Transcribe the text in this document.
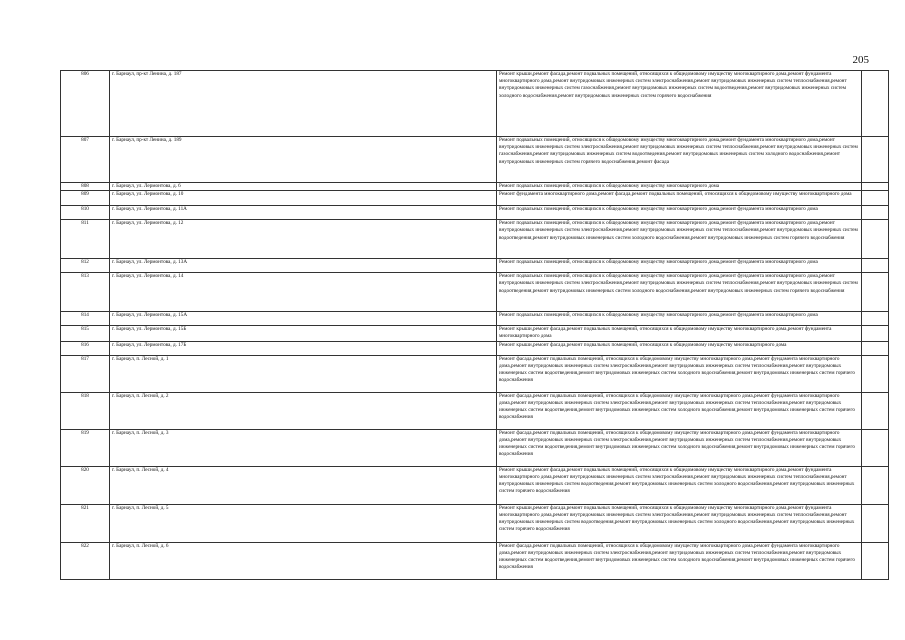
205
806	г. Барнаул, пр-кт Ленина, д. 187	Ремонт крыши,ремонт фасада,ремонт подвальных помещений, относящихся к общедомовому имуществу многоквартирного дома,ремонт фундамента многоквартирного дома,ремонт внутридомовых инженерных систем электроснабжения,ремонт внутридомовых инженерных систем теплоснабжения,ремонт внутридомовых инженерных систем газоснабжения,ремонт внутридомовых инженерных систем водоотведения,ремонт внутридомовых инженерных систем холодного водоснабжения,ремонт внутридомовых инженерных систем горячего водоснабжения	
807	г. Барнаул, пр-кт Ленина, д. 189	Ремонт подвальных помещений, относящихся к общедомовому имуществу многоквартирного дома,ремонт фундамента многоквартирного дома,ремонт внутридомовых инженерных систем электроснабжения,ремонт внутридомовых инженерных систем теплоснабжения,ремонт внутридомовых инженерных систем газоснабжения,ремонт внутридомовых инженерных систем водоотведения,ремонт внутридомовых инженерных систем холодного водоснабжения,ремонт внутридомовых инженерных систем горячего водоснабжения,ремонт фасада	
808	г. Барнаул, ул. Лермонтова, д. 6	Ремонт подвальных помещений, относящихся к общедомовому имуществу многоквартирного дома	
809	г. Барнаул, ул. Лермонтова, д. 10	Ремонт фундамента многоквартирного дома,ремонт фасада,ремонт подвальных помещений, относящихся к общедомовому имуществу многоквартирного дома	
810	г. Барнаул, ул. Лермонтова, д. 11А	Ремонт подвальных помещений, относящихся к общедомовому имуществу многоквартирного дома,ремонт фундамента многоквартирного дома	
811	г. Барнаул, ул. Лермонтова, д. 12	Ремонт подвальных помещений, относящихся к общедомовому имуществу многоквартирного дома,ремонт фундамента многоквартирного дома,ремонт внутридомовых инженерных систем электроснабжения,ремонт внутридомовых инженерных систем теплоснабжения,ремонт внутридомовых инженерных систем водоотведения,ремонт внутридомовых инженерных систем холодного водоснабжения,ремонт внутридомовых инженерных систем горячего водоснабжения	
812	г. Барнаул, ул. Лермонтова, д. 13А	Ремонт подвальных помещений, относящихся к общедомовому имуществу многоквартирного дома,ремонт фундамента многоквартирного дома	
813	г. Барнаул, ул. Лермонтова, д. 14	Ремонт подвальных помещений, относящихся к общедомовому имуществу многоквартирного дома,ремонт фундамента многоквартирного дома,ремонт внутридомовых инженерных систем электроснабжения,ремонт внутридомовых инженерных систем теплоснабжения,ремонт внутридомовых инженерных систем водоотведения,ремонт внутридомовых инженерных систем холодного водоснабжения,ремонт внутридомовых инженерных систем горячего водоснабжения	
814	г. Барнаул, ул. Лермонтова, д. 15А	Ремонт подвальных помещений, относящихся к общедомовому имуществу многоквартирного дома,ремонт фундамента многоквартирного дома	
815	г. Барнаул, ул. Лермонтова, д. 15Б	Ремонт крыши,ремонт фасада,ремонт подвальных помещений, относящихся к общедомовому имуществу многоквартирного дома,ремонт фундамента многоквартирного дома	
816	г. Барнаул, ул. Лермонтова, д. 17Б	Ремонт крыши,ремонт фасада,ремонт подвальных помещений, относящихся к общедомовому имуществу многоквартирного дома	
817	г. Барнаул, п. Лесной, д. 1	Ремонт фасада,ремонт подвальных помещений, относящихся к общедомовому имуществу многоквартирного дома,ремонт фундамента многоквартирного дома,ремонт внутридомовых инженерных систем электроснабжения,ремонт внутридомовых инженерных систем теплоснабжения,ремонт внутридомовых инженерных систем водоотведения,ремонт внутридомовых инженерных систем холодного водоснабжения,ремонт внутридомовых инженерных систем горячего водоснабжения	
818	г. Барнаул, п. Лесной, д. 2	Ремонт фасада,ремонт подвальных помещений, относящихся к общедомовому имуществу многоквартирного дома,ремонт фундамента многоквартирного дома,ремонт внутридомовых инженерных систем электроснабжения,ремонт внутридомовых инженерных систем теплоснабжения,ремонт внутридомовых инженерных систем водоотведения,ремонт внутридомовых инженерных систем холодного водоснабжения,ремонт внутридомовых инженерных систем горячего водоснабжения	
819	г. Барнаул, п. Лесной, д. 3	Ремонт фасада,ремонт подвальных помещений, относящихся к общедомовому имуществу многоквартирного дома,ремонт фундамента многоквартирного дома,ремонт внутридомовых инженерных систем электроснабжения,ремонт внутридомовых инженерных систем теплоснабжения,ремонт внутридомовых инженерных систем водоотведения,ремонт внутридомовых инженерных систем холодного водоснабжения,ремонт внутридомовых инженерных систем горячего водоснабжения	
820	г. Барнаул, п. Лесной, д. 4	Ремонт крыши,ремонт фасада,ремонт подвальных помещений, относящихся к общедомовому имуществу многоквартирного дома,ремонт фундамента многоквартирного дома,ремонт внутридомовых инженерных систем электроснабжения,ремонт внутридомовых инженерных систем теплоснабжения,ремонт внутридомовых инженерных систем водоотведения,ремонт внутридомовых инженерных систем холодного водоснабжения,ремонт внутридомовых инженерных систем горячего водоснабжения	
821	г. Барнаул, п. Лесной, д. 5	Ремонт крыши,ремонт фасада,ремонт подвальных помещений, относящихся к общедомовому имуществу многоквартирного дома,ремонт фундамента многоквартирного дома,ремонт внутридомовых инженерных систем электроснабжения,ремонт внутридомовых инженерных систем теплоснабжения,ремонт внутридомовых инженерных систем водоотведения,ремонт внутридомовых инженерных систем холодного водоснабжения,ремонт внутридомовых инженерных систем горячего водоснабжения	
822	г. Барнаул, п. Лесной, д. 6	Ремонт фасада,ремонт подвальных помещений, относящихся к общедомовому имуществу многоквартирного дома,ремонт фундамента многоквартирного дома,ремонт внутридомовых инженерных систем электроснабжения,ремонт внутридомовых инженерных систем теплоснабжения,ремонт внутридомовых инженерных систем водоотведения,ремонт внутридомовых инженерных систем холодного водоснабжения,ремонт внутридомовых инженерных систем горячего водоснабжения	
